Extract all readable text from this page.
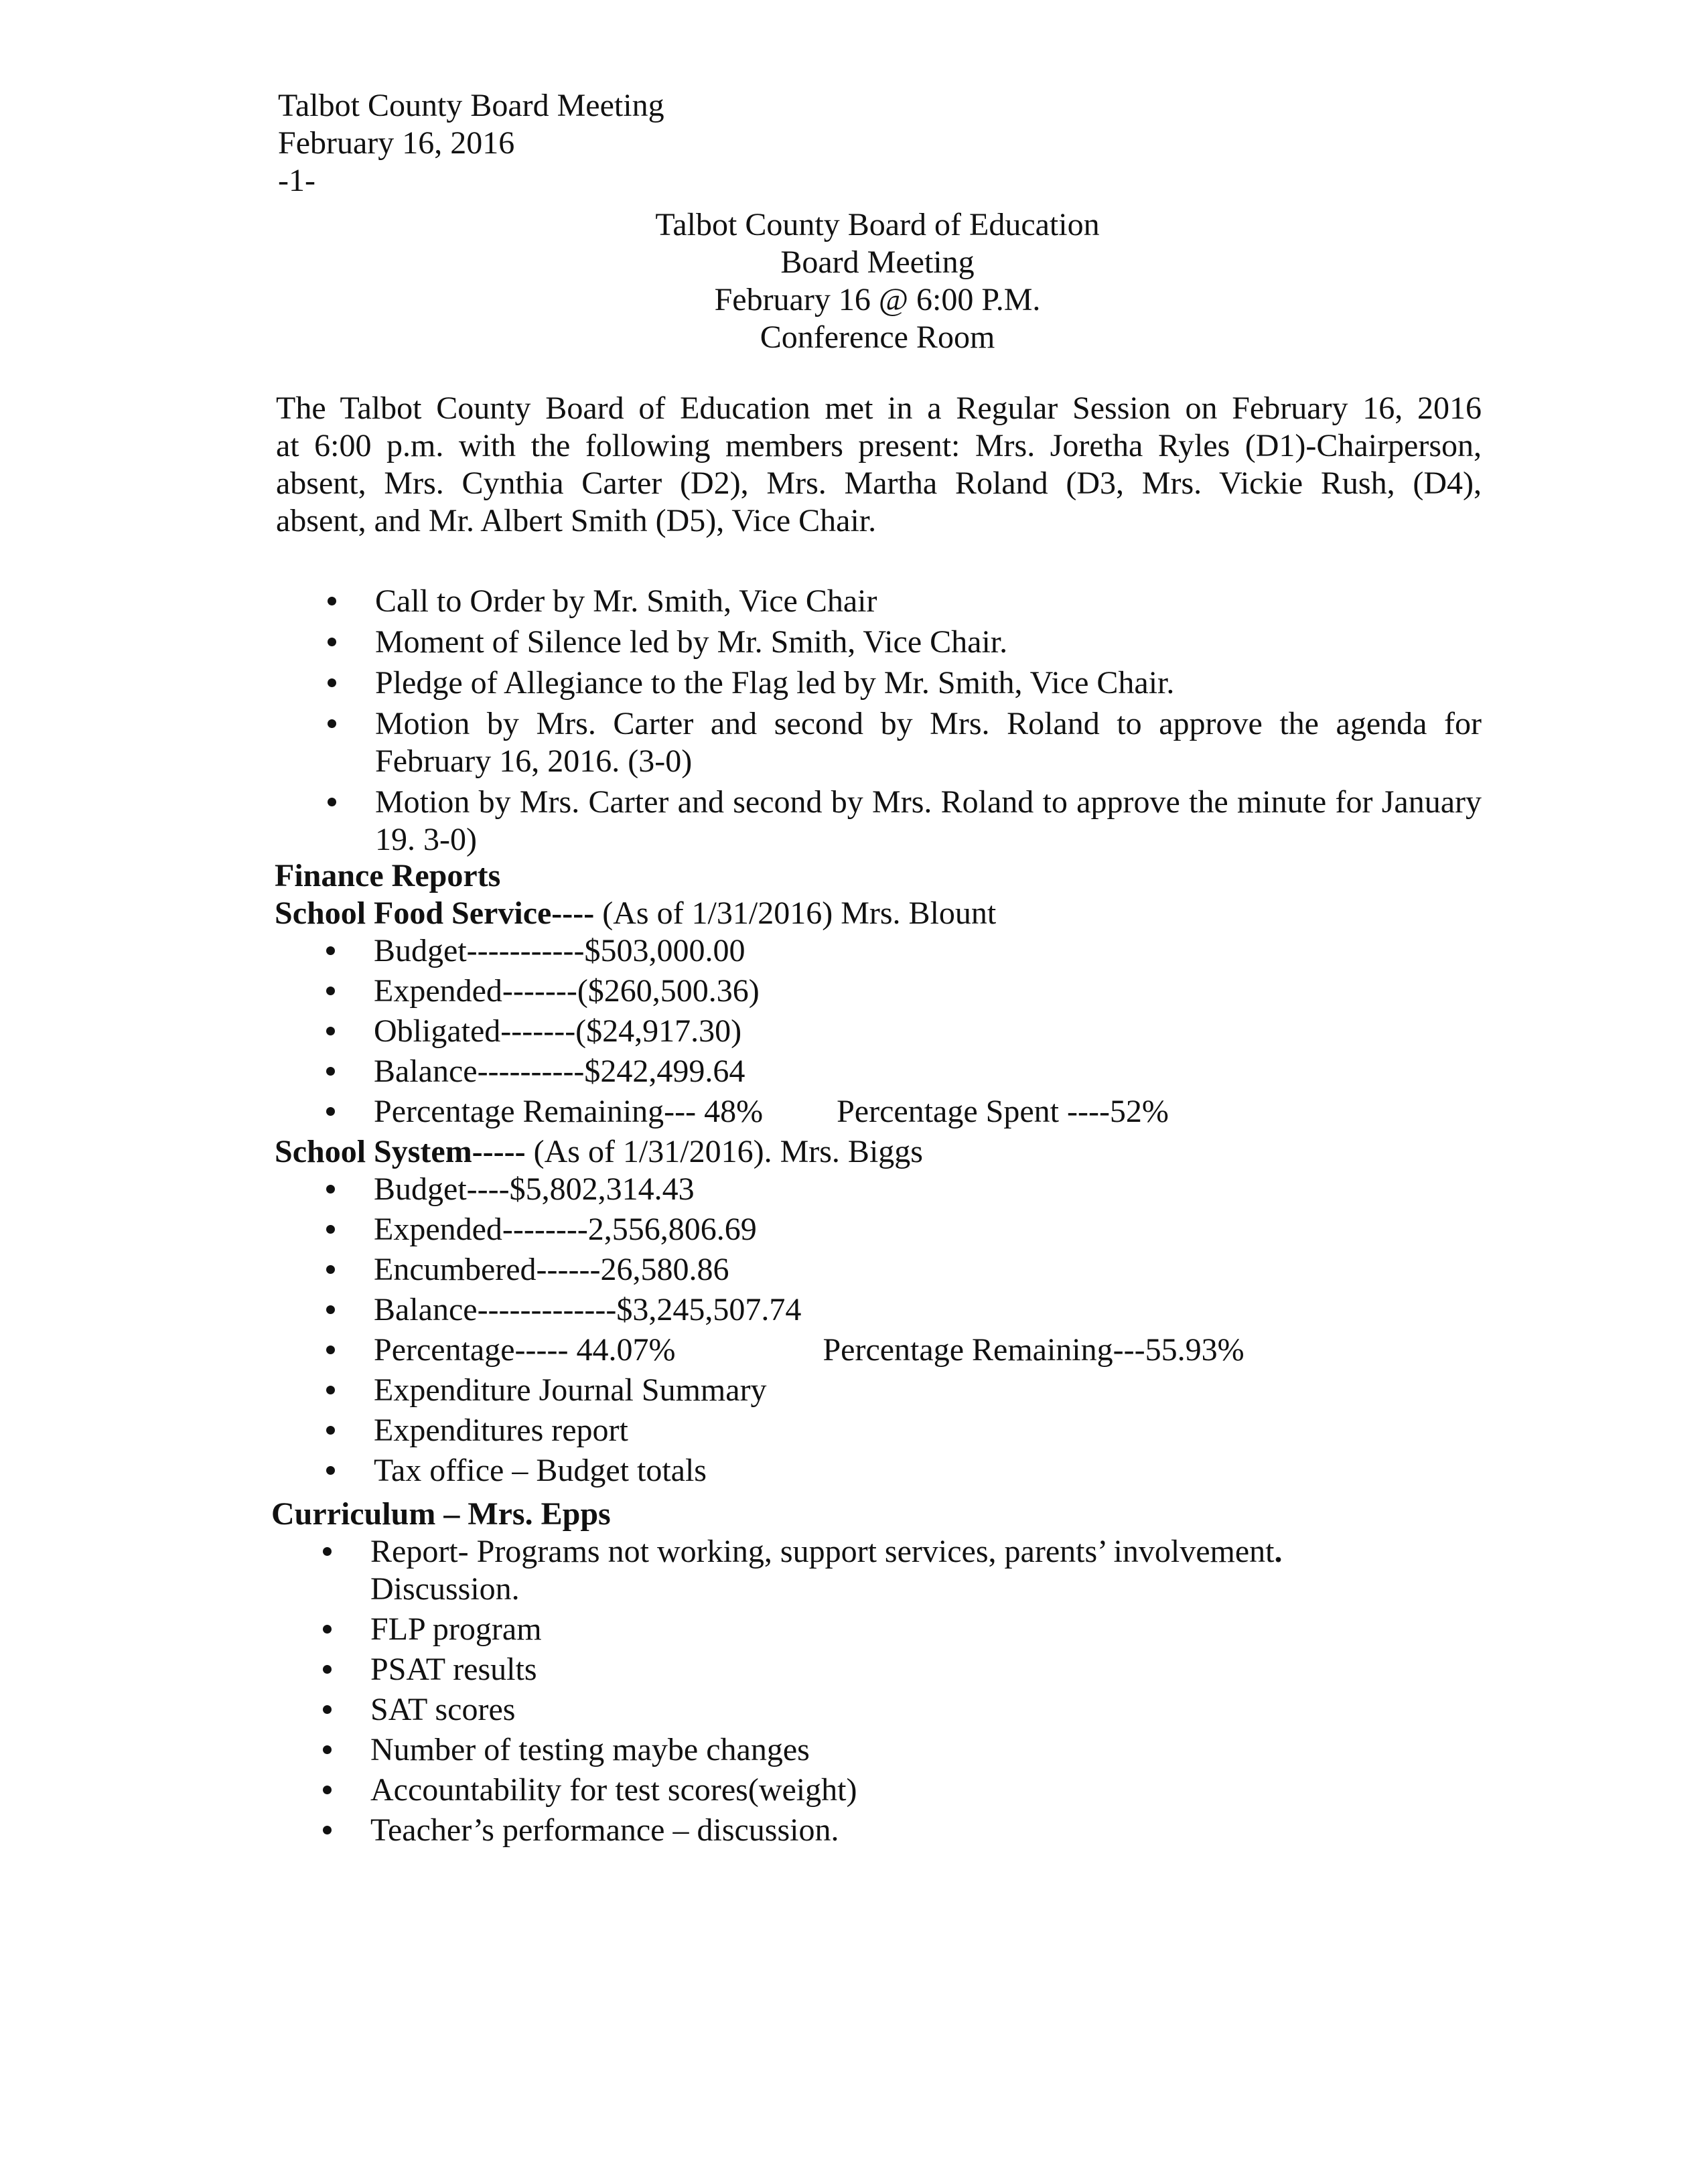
Talbot County Board Meeting
February 16, 2016
-1-
Talbot County Board of Education
Board Meeting
February 16 @ 6:00 P.M.
Conference Room
The Talbot County Board of Education met in a Regular Session on February 16, 2016
at 6:00 p.m. with the following members present: Mrs. Joretha Ryles (D1)-Chairperson,
absent, Mrs. Cynthia Carter (D2), Mrs. Martha Roland (D3, Mrs. Vickie Rush, (D4),
absent, and Mr. Albert Smith (D5), Vice Chair.
Call to Order by Mr. Smith, Vice Chair
Moment of Silence led by Mr. Smith, Vice Chair.
Pledge of Allegiance to the Flag led by Mr. Smith, Vice Chair.
Motion by Mrs. Carter and second by Mrs. Roland to approve the agenda for February 16, 2016. (3-0)
Motion by Mrs. Carter and second by Mrs. Roland to approve the minute for January 19. 3-0)
Finance Reports
School Food Service---- (As of 1/31/2016) Mrs. Blount
Budget-----------$503,000.00
Expended-------($260,500.36)
Obligated-------($24,917.30)
Balance----------$242,499.64
Percentage Remaining--- 48% Percentage Spent ----52%
School System----- (As of 1/31/2016). Mrs. Biggs
Budget----$5,802,314.43
Expended--------2,556,806.69
Encumbered------26,580.86
Balance-------------$3,245,507.74
Percentage----- 44.07%	Percentage Remaining---55.93%
Expenditure Journal Summary
Expenditures report
Tax office – Budget totals
Curriculum – Mrs. Epps
Report- Programs not working, support services, parents’ involvement.
Discussion.
FLP program
PSAT results
SAT scores
Number of testing maybe changes
Accountability for test scores(weight)
Teacher’s performance – discussion.
